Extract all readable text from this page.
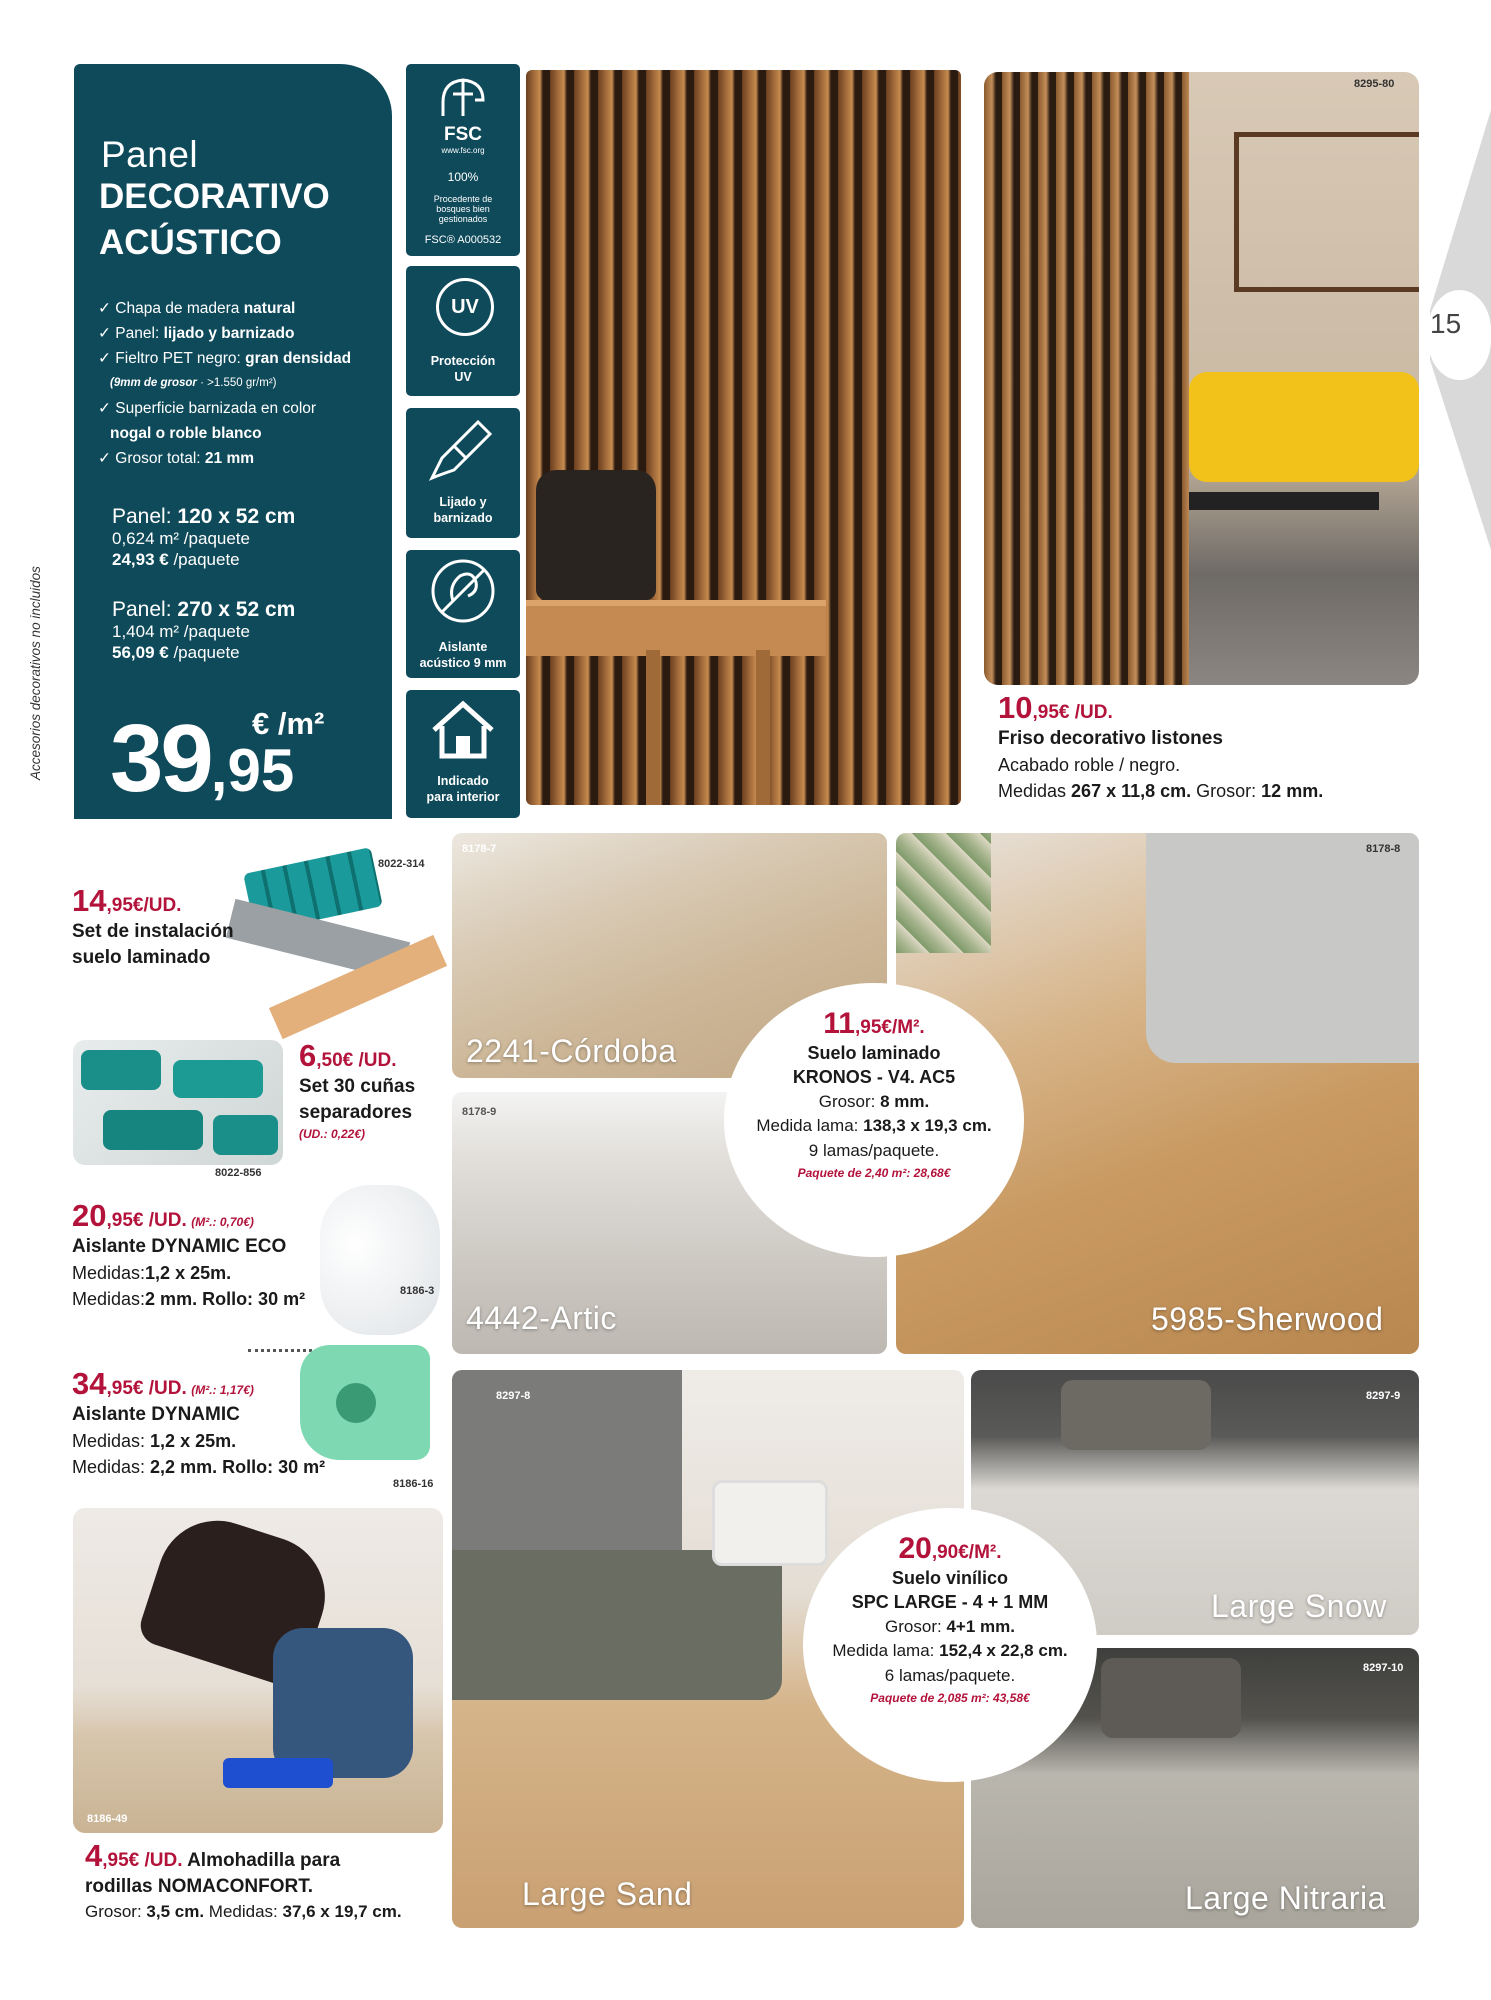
Accesorios decorativos no incluidos
15
Panel
DECORATIVO
ACÚSTICO
✓ Chapa de madera natural
✓ Panel: lijado y barnizado
✓ Fieltro PET negro: gran densidad
(9mm de grosor · >1.550 gr/m²)
✓ Superficie barnizada en color
nogal o roble blanco
✓ Grosor total: 21 mm
Panel: 120 x 52 cm
0,624 m² /paquete
24,93 € /paquete
Panel: 270 x 52 cm
1,404 m² /paquete
56,09 € /paquete
39,95
€ /m²
FSC
www.fsc.org
100%
Procedente de
bosques bien
gestionados
FSC® A000532
UV
Protección
UV
Lijado y
barnizado
Aislante
acústico 9 mm
Indicado
para interior
8295-80
10,95€ /UD.
Friso decorativo listones
Acabado roble / negro.
Medidas 267 x 11,8 cm. Grosor: 12 mm.
8022-314
14,95€/UD.
Set de instalación
suelo laminado
8022-856
6,50€ /UD.
Set 30 cuñas
separadores
(UD.: 0,22€)
8186-3
20,95€ /UD. (M².: 0,70€)
Aislante DYNAMIC ECO
Medidas:1,2 x 25m.
Medidas:2 mm. Rollo: 30 m²
8186-16
34,95€ /UD. (M².: 1,17€)
Aislante DYNAMIC
Medidas: 1,2 x 25m.
Medidas: 2,2 mm. Rollo: 30 m²
8186-49
4,95€ /UD. Almohadilla para
rodillas NOMACONFORT.
Grosor: 3,5 cm. Medidas: 37,6 x 19,7 cm.
8178-7
2241-Córdoba
8178-9
4442-Artic
8178-8
5985-Sherwood
11,95€/M².
Suelo laminado
KRONOS - V4. AC5
Grosor: 8 mm.
Medida lama: 138,3 x 19,3 cm.
9 lamas/paquete.
Paquete de 2,40 m²: 28,68€
8297-8
Large Sand
8297-9
Large Snow
8297-10
Large Nitraria
20,90€/M².
Suelo vinílico
SPC LARGE - 4 + 1 MM
Grosor: 4+1 mm.
Medida lama: 152,4 x 22,8 cm.
6 lamas/paquete.
Paquete de 2,085 m²: 43,58€
